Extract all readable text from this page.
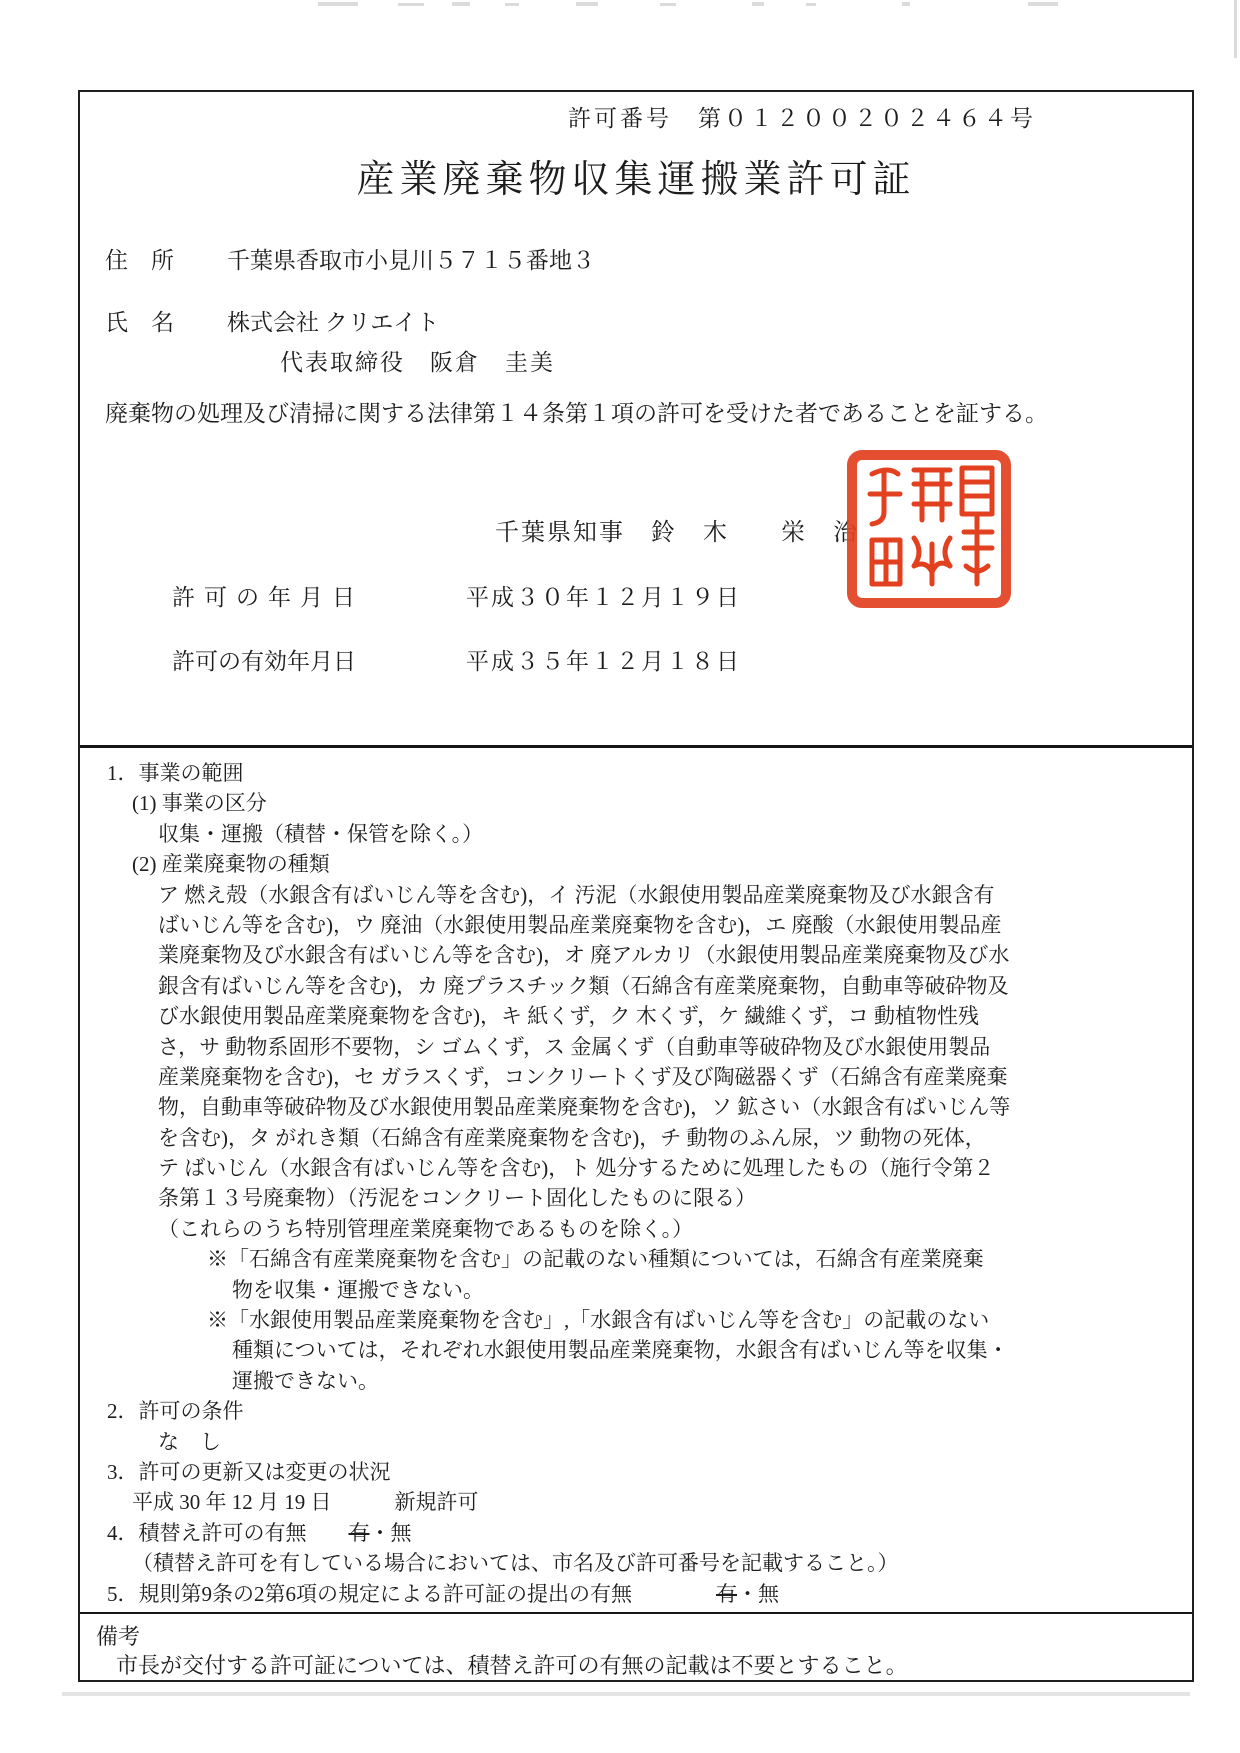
許可番号　第０１２００２０２４６４号
産業廃棄物収集運搬業許可証
住所 千葉県香取市小見川５７１５番地３
氏名 株式会社 クリエイト
代表取締役　阪倉　圭美
廃棄物の処理及び清掃に関する法律第１４条第１項の許可を受けた者であることを証する。
千葉県知事　鈴　木　　栄　治
許可の年月日	平成３０年１２月１９日
許可の有効年月日	平成３５年１２月１８日
1．事業の範囲
(1) 事業の区分
収集・運搬（積替・保管を除く。）
(2) 産業廃棄物の種類
ア 燃え殻（水銀含有ばいじん等を含む)，イ 汚泥（水銀使用製品産業廃棄物及び水銀含有
ばいじん等を含む)，ウ 廃油（水銀使用製品産業廃棄物を含む)，エ 廃酸（水銀使用製品産
業廃棄物及び水銀含有ばいじん等を含む)，オ 廃アルカリ（水銀使用製品産業廃棄物及び水
銀含有ばいじん等を含む)，カ 廃プラスチック類（石綿含有産業廃棄物，自動車等破砕物及
び水銀使用製品産業廃棄物を含む)，キ 紙くず，ク 木くず，ケ 繊維くず，コ 動植物性残
さ，サ 動物系固形不要物，シ ゴムくず，ス 金属くず（自動車等破砕物及び水銀使用製品
産業廃棄物を含む)，セ ガラスくず，コンクリートくず及び陶磁器くず（石綿含有産業廃棄
物，自動車等破砕物及び水銀使用製品産業廃棄物を含む)，ソ 鉱さい（水銀含有ばいじん等
を含む)，タ がれき類（石綿含有産業廃棄物を含む)，チ 動物のふん尿，ツ 動物の死体，
テ ばいじん（水銀含有ばいじん等を含む)，ト 処分するために処理したもの（施行令第２
条第１３号廃棄物）（汚泥をコンクリート固化したものに限る）
（これらのうち特別管理産業廃棄物であるものを除く。）
※「石綿含有産業廃棄物を含む」の記載のない種類については，石綿含有産業廃棄
物を収集・運搬できない。
※「水銀使用製品産業廃棄物を含む」,「水銀含有ばいじん等を含む」の記載のない
種類については，それぞれ水銀使用製品産業廃棄物，水銀含有ばいじん等を収集・
運搬できない。
2．許可の条件
な　し
3．許可の更新又は変更の状況
平成 30 年 12 月 19 日　　　新規許可
4．積替え許可の有無　　有・無
（積替え許可を有している場合においては、市名及び許可番号を記載すること。）
5．規則第9条の2第6項の規定による許可証の提出の有無　　　　有・無
備考
市長が交付する許可証については、積替え許可の有無の記載は不要とすること。
